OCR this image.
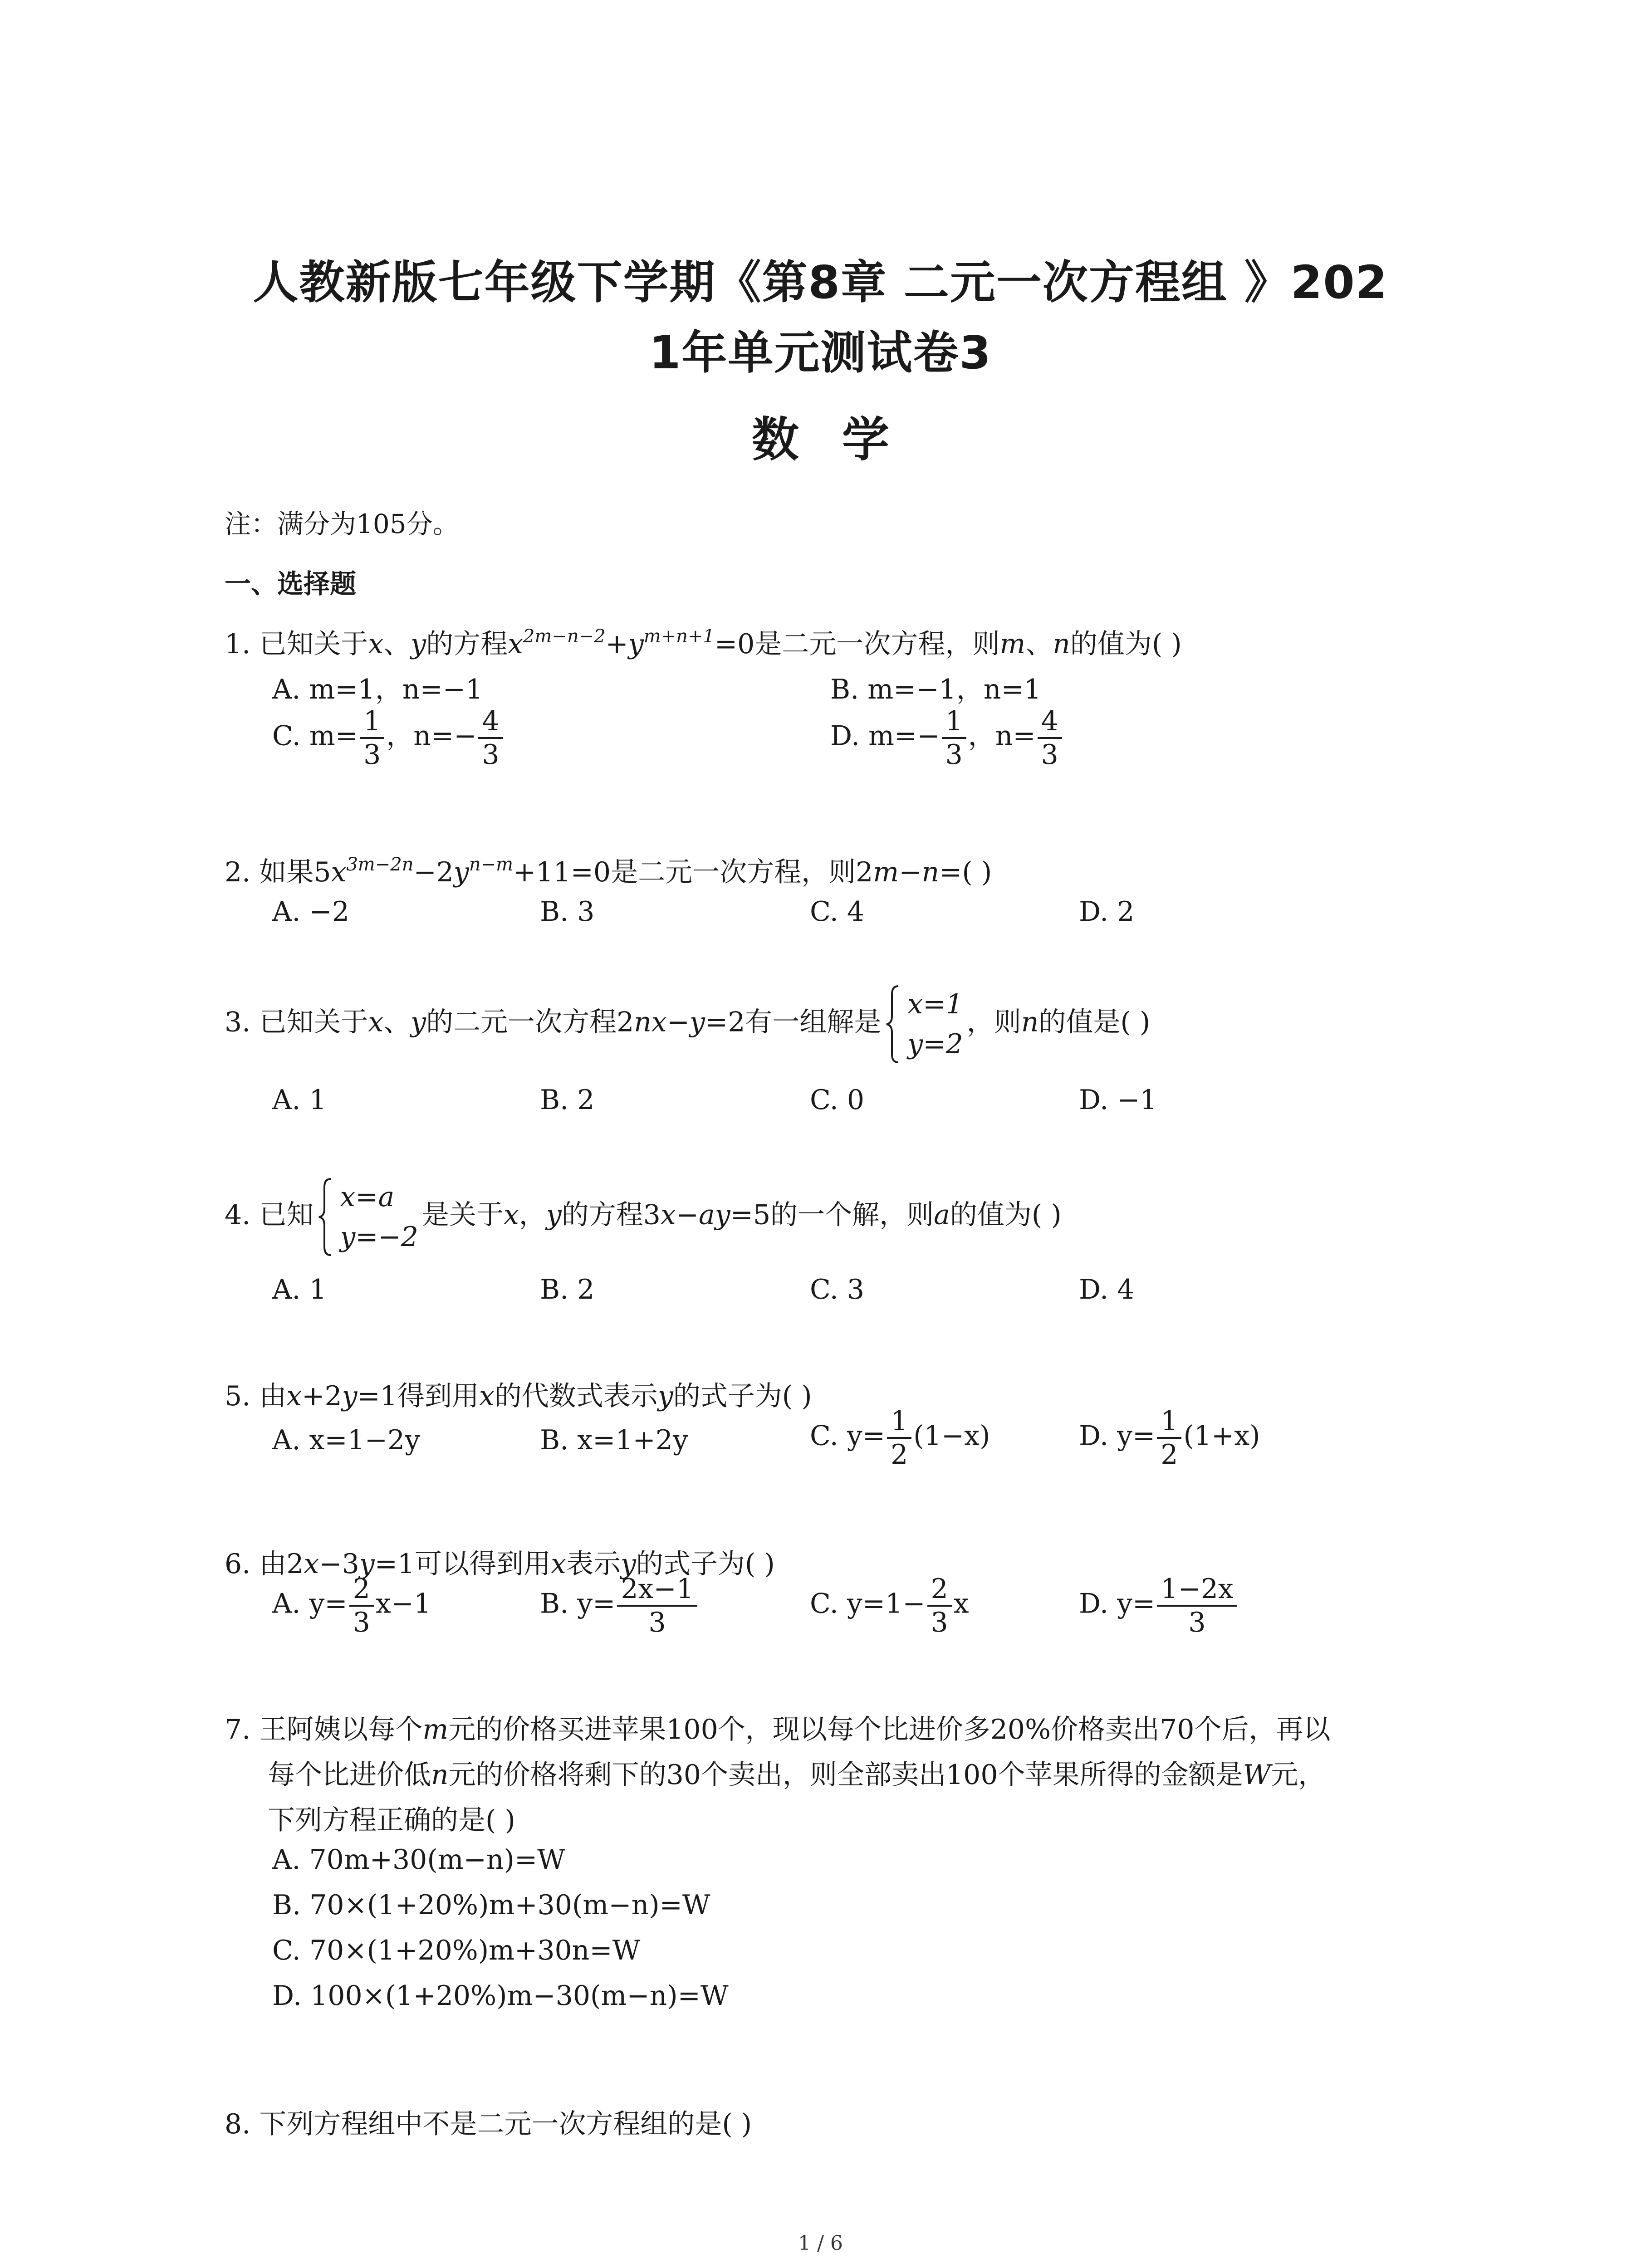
人教新版七年级下学期《第8章 二元一次方程组 》202
1年单元测试卷3
数学
注：满分为105分。
一、选择题
1. 已知关于x、y的方程$x^{2m-n-2}+y^{m+n+1}=0$是二元一次方程，则m、n的值为( )
A. m=1，n=−1	B. m=−1，n=1
C. $m= \frac{1}{3}$ ，$n=- \frac{4}{3}$	D. $m=- \frac{1}{3}$ ，$n= \frac{4}{3}$
2. 如果$5x^{3m-2n}-2y^{n-m}+11=0$是二元一次方程，则2m−n=( )
A. −2	B. 3	C. 4	D. 2
3. 已知关于x、y的二元一次方程2nx−y=2有一组解是
x=1
y=2
，则n的值是( )
A. 1	B. 2	C. 0	D. −1
4. 已知
x=a
y=−2
是关于x，y的方程3x−ay=5的一个解，则a的值为( )
A. 1	B. 2	C. 3	D. 4
5. 由x+2y=1得到用x的代数式表示y的式子为( )
A. x=1−2y	B. x=1+2y	C. $y= \frac{1}{2} (1-x)$	D. $y= \frac{1}{2} (1+x)$
6. 由2x−3y=1可以得到用x表示y的式子为( )
A. $y= \frac{2}{3} x-1$	B. $y= \frac{2x-1}{3}$	C. $y=1- \frac{2}{3}$ x	D. $y= \frac{1-2x}{3}$
7. 王阿姨以每个m元的价格买进苹果100个，现以每个比进价多20%价格卖出70个后，再以
每个比进价低n元的价格将剩下的30个卖出，则全部卖出100个苹果所得的金额是W元，
下列方程正确的是( )
A. 70m+30(m−n)=W
B. 70×(1+20%)m+30(m−n)=W
C. 70×(1+20%)m+30n=W
D. 100×(1+20%)m−30(m−n)=W
8. 下列方程组中不是二元一次方程组的是( )
1 / 6
